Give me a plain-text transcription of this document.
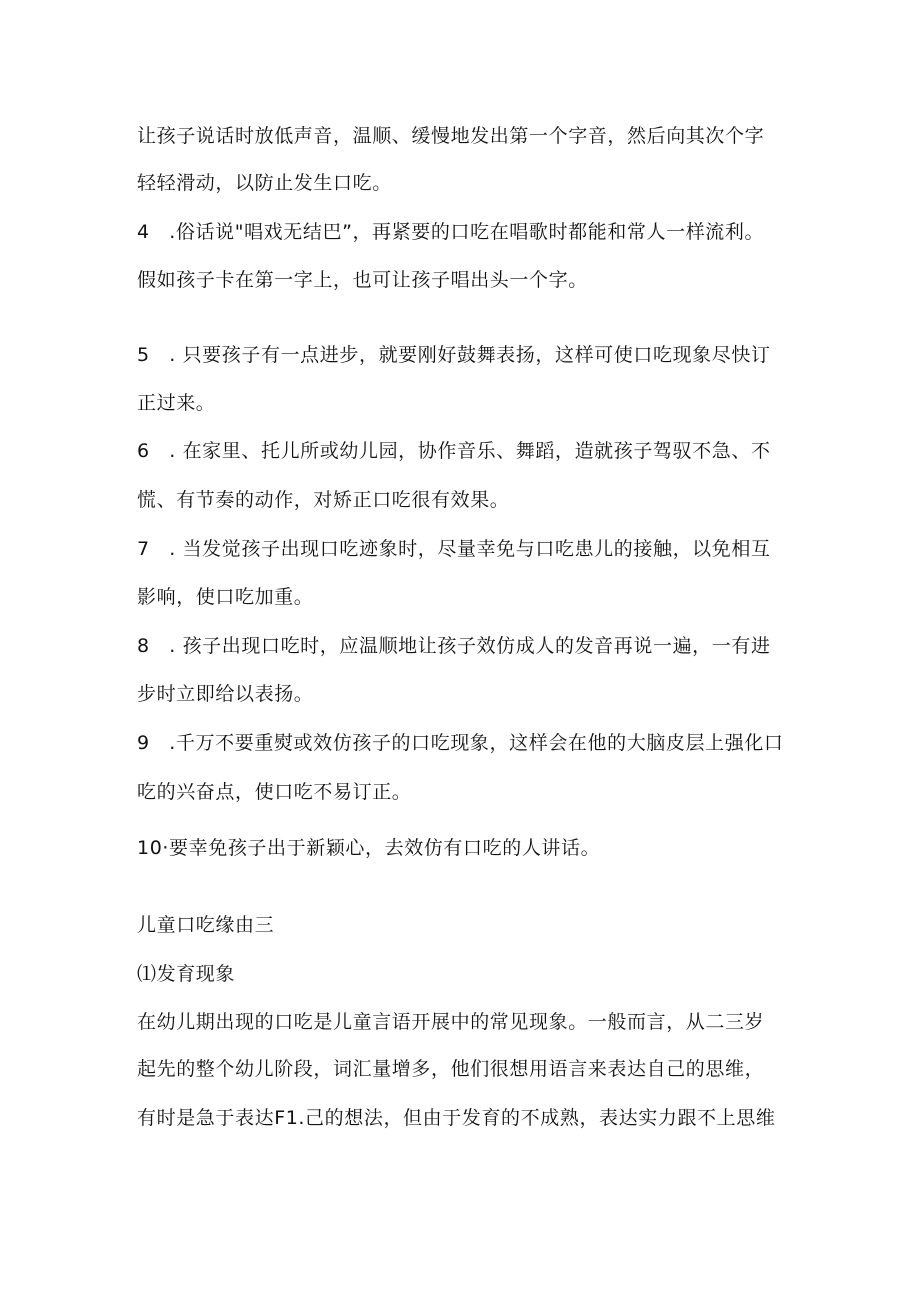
让孩子说话时放低声音，温顺、缓慢地发出第一个字音，然后向其次个字
轻轻滑动，以防止发生口吃。
4　.俗话说"唱戏无结巴”，再紧要的口吃在唱歌时都能和常人一样流利。
假如孩子卡在第一字上，也可让孩子唱出头一个字。
5　. 只要孩子有一点进步，就要刚好鼓舞表扬，这样可使口吃现象尽快订
正过来。
6　. 在家里、托儿所或幼儿园，协作音乐、舞蹈，造就孩子驾驭不急、不
慌、有节奏的动作，对矫正口吃很有效果。
7　. 当发觉孩子出现口吃迹象时，尽量幸免与口吃患儿的接触，以免相互
影响，使口吃加重。
8　. 孩子出现口吃时，应温顺地让孩子效仿成人的发音再说一遍，一有进
步时立即给以表扬。
9　.千万不要重熨或效仿孩子的口吃现象，这样会在他的大脑皮层上强化口
吃的兴奋点，使口吃不易订正。
10·要幸免孩子出于新颖心，去效仿有口吃的人讲话。
儿童口吃缘由三
⑴发育现象
在幼儿期出现的口吃是儿童言语开展中的常见现象。一般而言，从二三岁
起先的整个幼儿阶段，词汇量增多，他们很想用语言来表达自己的思维，
有时是急于表达F1.己的想法，但由于发育的不成熟，表达实力跟不上思维
